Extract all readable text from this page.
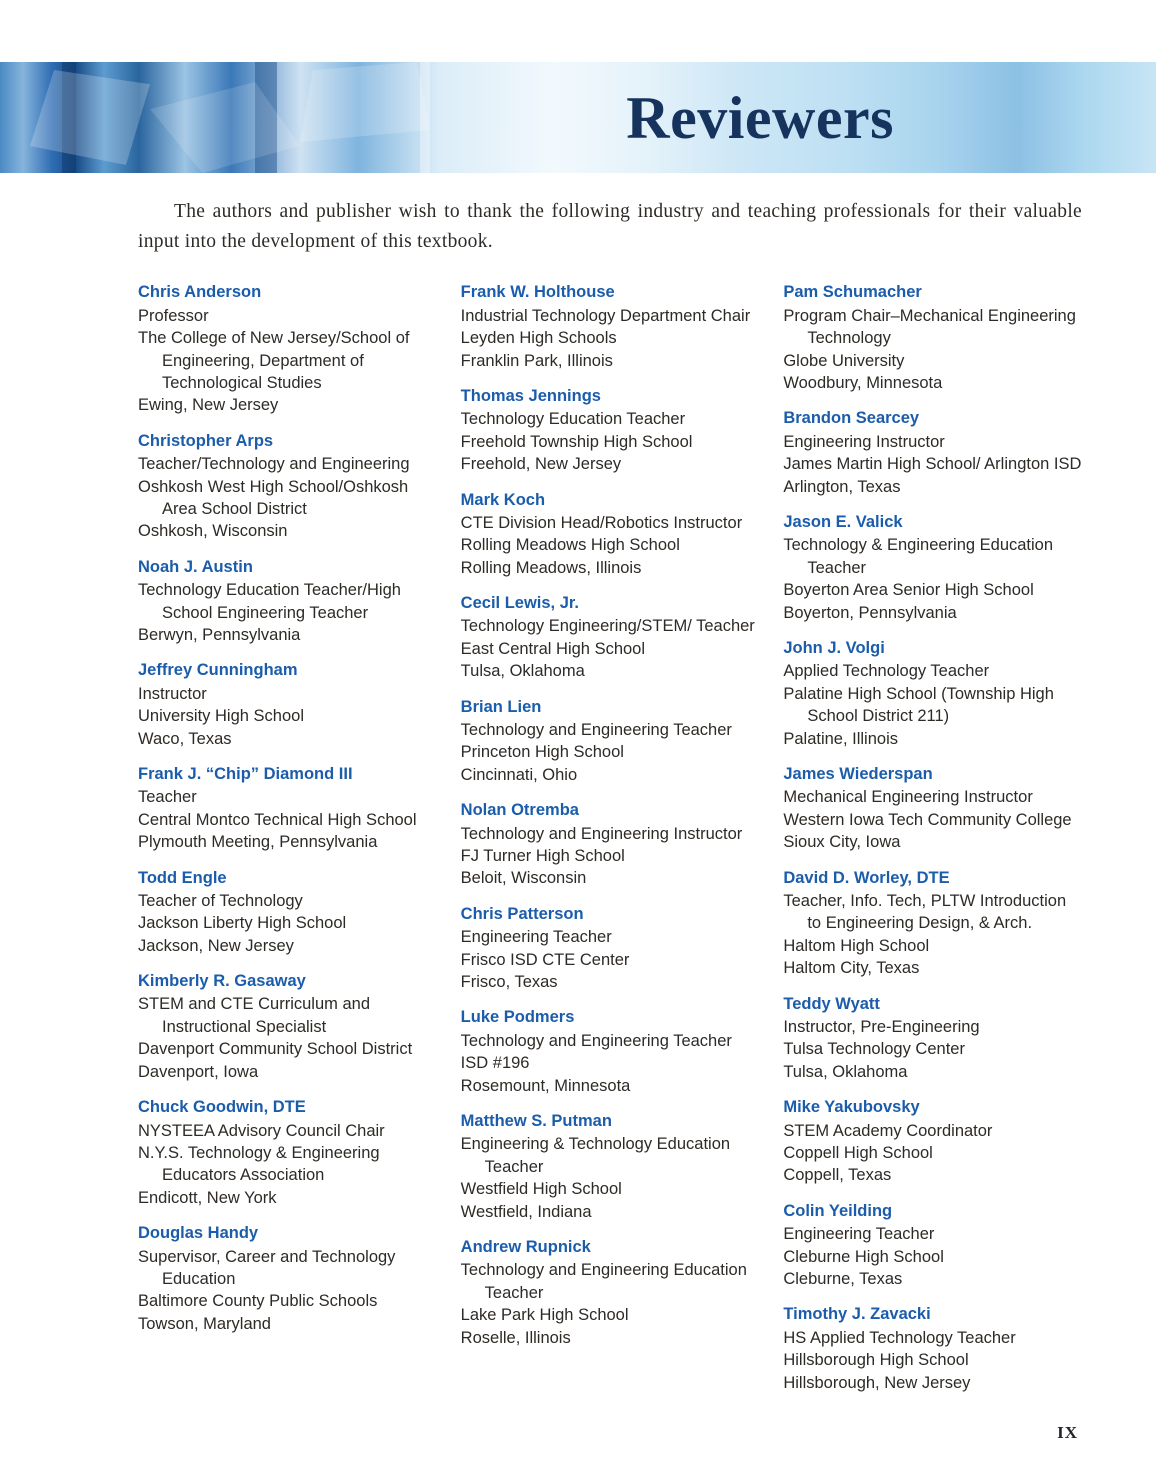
Reviewers

The authors and publisher wish to thank the following industry and teaching professionals for their valuable input into the development of this textbook.

Chris Anderson
Professor
The College of New Jersey/School of Engineering, Department of Technological Studies
Ewing, New Jersey
Christopher Arps
Teacher/Technology and Engineering
Oshkosh West High School/Oshkosh Area School District
Oshkosh, Wisconsin
Noah J. Austin
Technology Education Teacher/High School Engineering Teacher
Berwyn, Pennsylvania
Jeffrey Cunningham
Instructor
University High School
Waco, Texas
Frank J. “Chip” Diamond III
Teacher
Central Montco Technical High School
Plymouth Meeting, Pennsylvania
Todd Engle
Teacher of Technology
Jackson Liberty High School
Jackson, New Jersey
Kimberly R. Gasaway
STEM and CTE Curriculum and Instructional Specialist
Davenport Community School District
Davenport, Iowa
Chuck Goodwin, DTE
NYSTEEA Advisory Council Chair
N.Y.S. Technology & Engineering Educators Association
Endicott, New York
Douglas Handy
Supervisor, Career and Technology Education
Baltimore County Public Schools
Towson, Maryland
Frank W. Holthouse
Industrial Technology Department Chair
Leyden High Schools
Franklin Park, Illinois
Thomas Jennings
Technology Education Teacher
Freehold Township High School
Freehold, New Jersey
Mark Koch
CTE Division Head/Robotics Instructor
Rolling Meadows High School
Rolling Meadows, Illinois
Cecil Lewis, Jr.
Technology Engineering/STEM/ Teacher
East Central High School
Tulsa, Oklahoma
Brian Lien
Technology and Engineering Teacher
Princeton High School
Cincinnati, Ohio
Nolan Otremba
Technology and Engineering Instructor
FJ Turner High School
Beloit, Wisconsin
Chris Patterson
Engineering Teacher
Frisco ISD CTE Center
Frisco, Texas
Luke Podmers
Technology and Engineering Teacher
ISD #196
Rosemount, Minnesota
Matthew S. Putman
Engineering & Technology Education Teacher
Westfield High School
Westfield, Indiana
Andrew Rupnick
Technology and Engineering Education Teacher
Lake Park High School
Roselle, Illinois
Pam Schumacher
Program Chair–Mechanical Engineering Technology
Globe University
Woodbury, Minnesota
Brandon Searcey
Engineering Instructor
James Martin High School/ Arlington ISD
Arlington, Texas
Jason E. Valick
Technology & Engineering Education Teacher
Boyerton Area Senior High School
Boyerton, Pennsylvania
John J. Volgi
Applied Technology Teacher
Palatine High School (Township High School District 211)
Palatine, Illinois
James Wiederspan
Mechanical Engineering Instructor
Western Iowa Tech Community College
Sioux City, Iowa
David D. Worley, DTE
Teacher, Info. Tech, PLTW Introduction to Engineering Design, & Arch.
Haltom High School
Haltom City, Texas
Teddy Wyatt
Instructor, Pre-Engineering
Tulsa Technology Center
Tulsa, Oklahoma
Mike Yakubovsky
STEM Academy Coordinator
Coppell High School
Coppell, Texas
Colin Yeilding
Engineering Teacher
Cleburne High School
Cleburne, Texas
Timothy J. Zavacki
HS Applied Technology Teacher
Hillsborough High School
Hillsborough, New Jersey
IX
